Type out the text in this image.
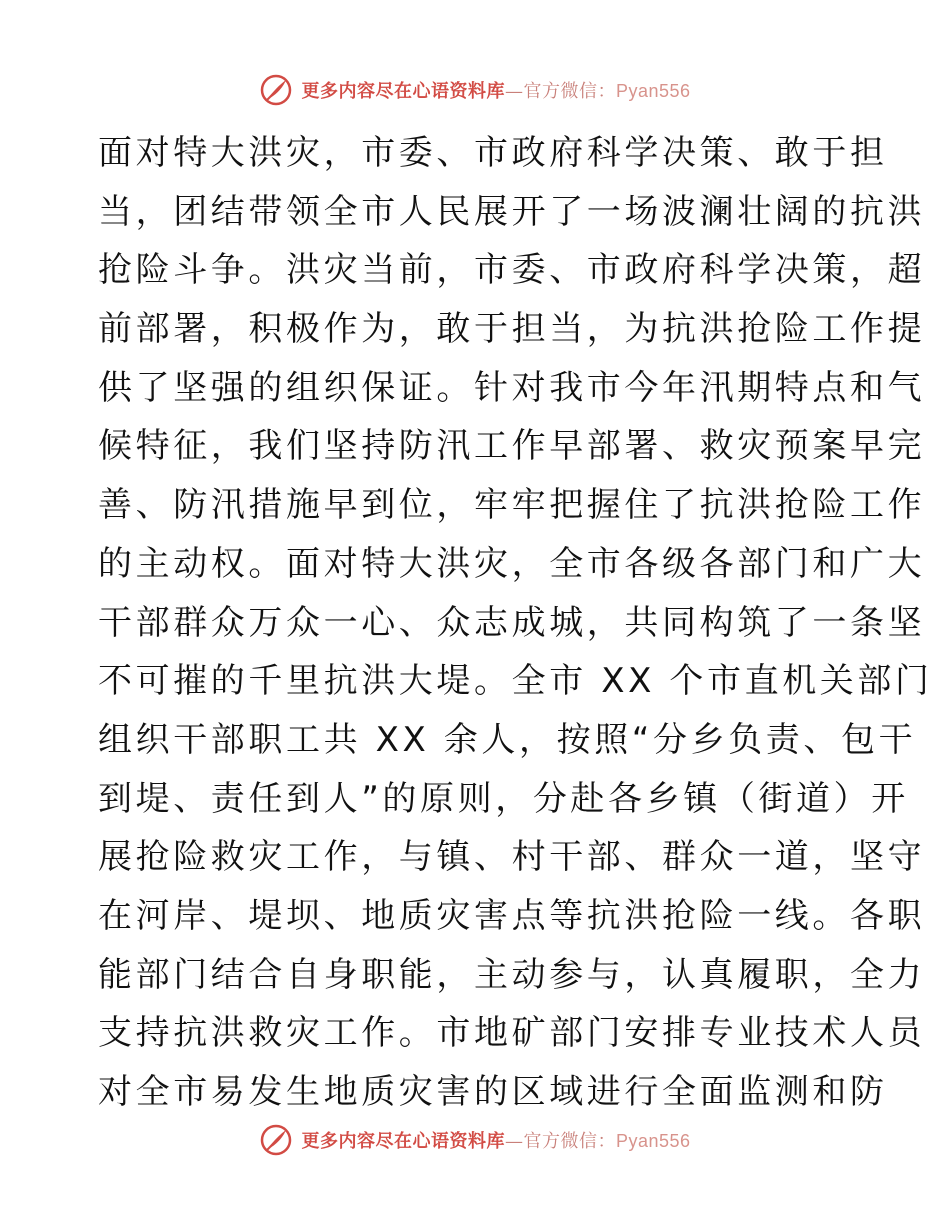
更多内容尽在心语资料库—官方微信：Pyan556
面对特大洪灾，市委、市政府科学决策、敢于担
当，团结带领全市人民展开了一场波澜壮阔的抗洪
抢险斗争。洪灾当前，市委、市政府科学决策，超
前部署，积极作为，敢于担当，为抗洪抢险工作提
供了坚强的组织保证。针对我市今年汛期特点和气
候特征，我们坚持防汛工作早部署、救灾预案早完
善、防汛措施早到位，牢牢把握住了抗洪抢险工作
的主动权。面对特大洪灾，全市各级各部门和广大
干部群众万众一心、众志成城，共同构筑了一条坚
不可摧的千里抗洪大堤。全市 XX 个市直机关部门
组织干部职工共 XX 余人，按照“分乡负责、包干
到堤、责任到人”的原则，分赴各乡镇（街道）开
展抢险救灾工作，与镇、村干部、群众一道，坚守
在河岸、堤坝、地质灾害点等抗洪抢险一线。各职
能部门结合自身职能，主动参与，认真履职，全力
支持抗洪救灾工作。市地矿部门安排专业技术人员
对全市易发生地质灾害的区域进行全面监测和防
更多内容尽在心语资料库—官方微信：Pyan556
